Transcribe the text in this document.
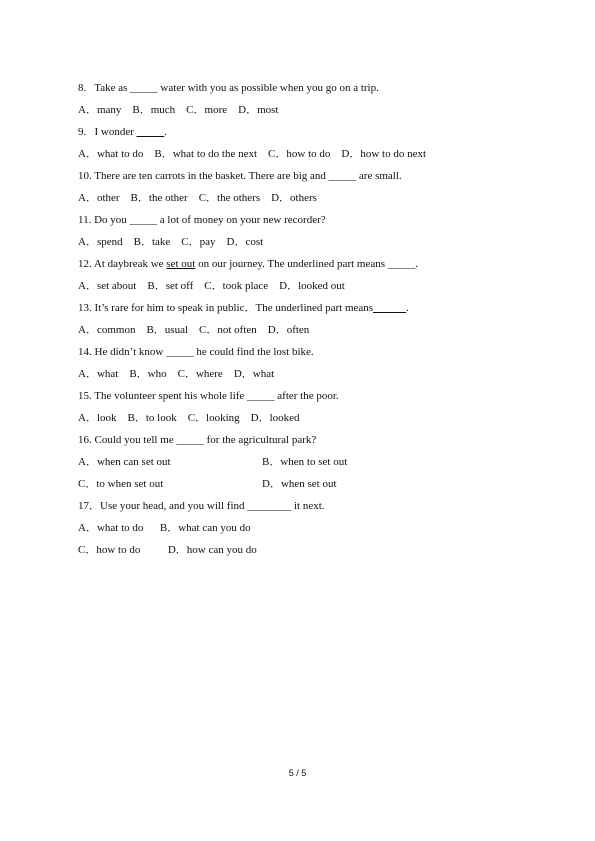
8.   Take as _____ water with you as possible when you go on a trip.
A．many B．much C．more D．most
9.   I wonder _____.
A．what to do B．what to do the next C．how to do D．how to do next
10. There are ten carrots in the basket. There are big and _____ are small.
A．other B．the other C．the others D．others
11. Do you _____ a lot of money on your new recorder?
A．spend B．take C．pay D．cost
12. At daybreak we set out on our journey. The underlined part means _____.
A．set about B．set off C．took place D．looked out
13. It’s rare for him to speak in public．The underlined part means______.
A．common B．usual C．not often D．often
14. He didn’t know _____ he could find the lost bike.
A．what B．who C．where D．what
15. The volunteer spent his whole life _____ after the poor.
A．look B．to look C．looking D．looked
16. Could you tell me _____ for the agricultural park?
A．when can set out	B．when to set out
C．to when set out	D．when set out
17．Use your head, and you will find ________ it next.
A．what to do B．what can you do
C．how to do	D．how can you do
5 / 5
